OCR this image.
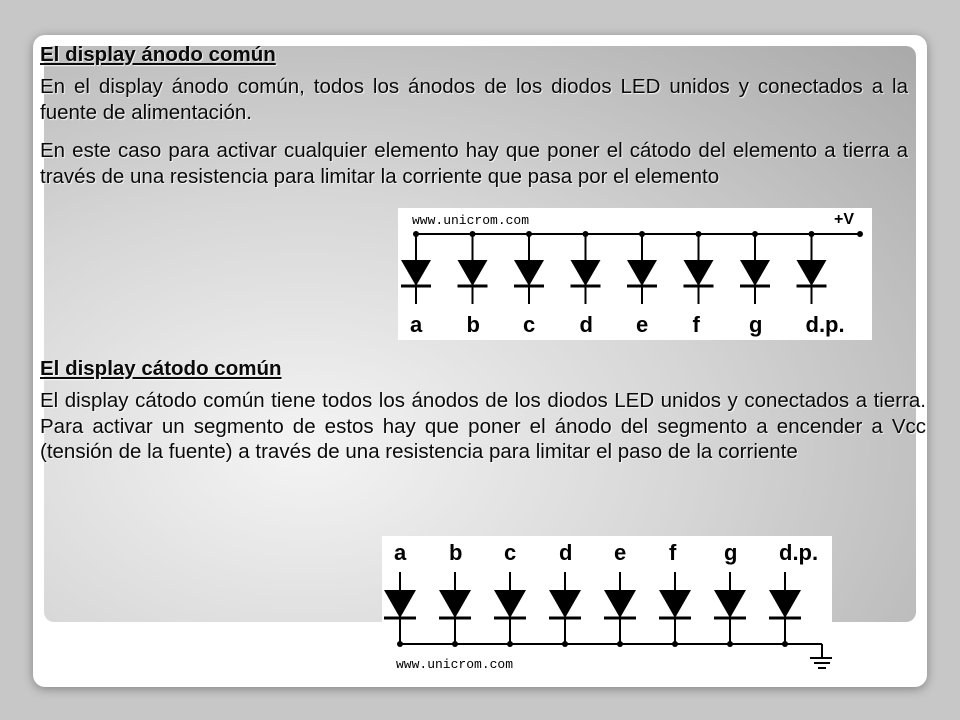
El display ánodo común
En el display ánodo común, todos los ánodos de los diodos LED unidos y conectados a la fuente de alimentación.
En este caso para activar cualquier elemento hay que poner el cátodo del elemento a tierra a través de una resistencia para limitar la corriente que pasa por el elemento
www.unicrom.com	+V
a b c d e f g d.p.
El display cátodo común
El display cátodo común tiene todos los ánodos de los diodos LED unidos y conectados a tierra. Para activar un segmento de estos hay que poner el ánodo del segmento a encender a Vcc (tensión de la fuente) a través de una resistencia para limitar el paso de la corriente
a b c d e f g d.p.
www.unicrom.com
